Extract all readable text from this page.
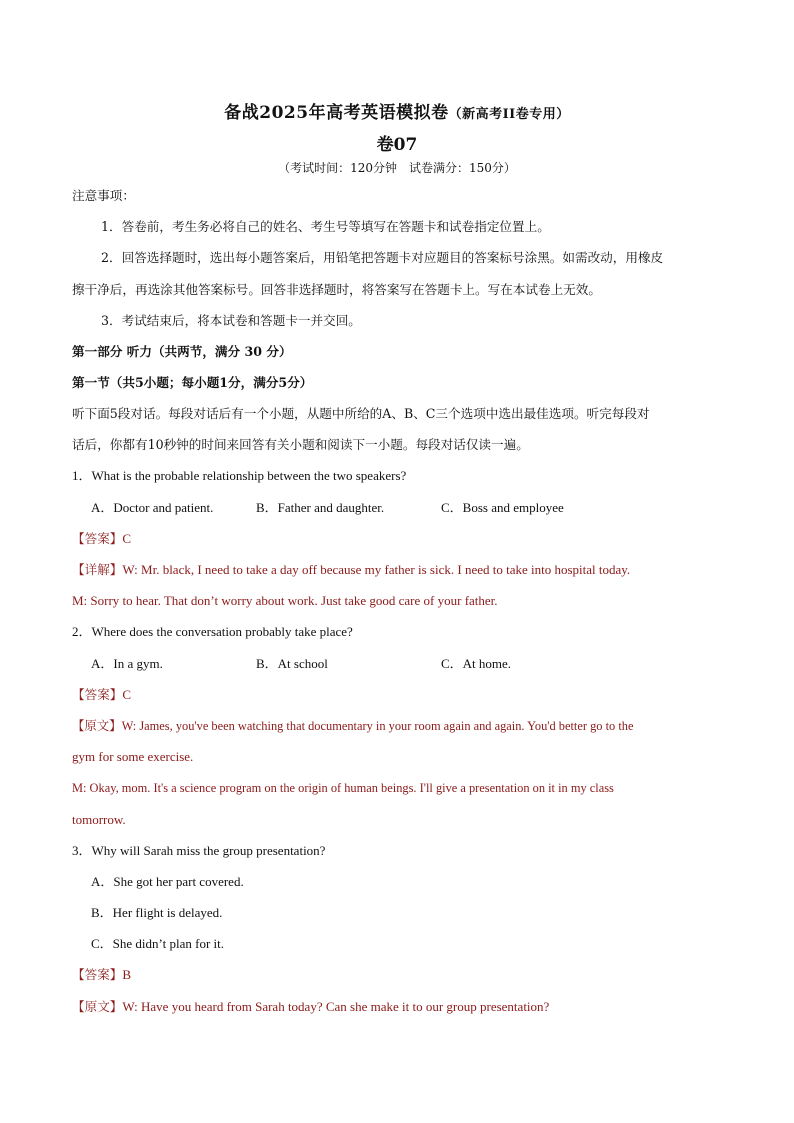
备战2025年高考英语模拟卷（新高考II卷专用）
卷07
（考试时间：120分钟　试卷满分：150分）
注意事项：
1．答卷前，考生务必将自己的姓名、考生号等填写在答题卡和试卷指定位置上。
2．回答选择题时，选出每小题答案后，用铅笔把答题卡对应题目的答案标号涂黑。如需改动，用橡皮
擦干净后，再选涂其他答案标号。回答非选择题时，将答案写在答题卡上。写在本试卷上无效。
3．考试结束后，将本试卷和答题卡一并交回。
第一部分 听力（共两节，满分 30 分）
第一节（共5小题；每小题1分，满分5分）
听下面5段对话。每段对话后有一个小题，从题中所给的A、B、C三个选项中选出最佳选项。听完每段对
话后，你都有10秒钟的时间来回答有关小题和阅读下一小题。每段对话仅读一遍。
1．What is the probable relationship between the two speakers?
A．Doctor and patient.	B．Father and daughter.	C．Boss and employee
【答案】C
【详解】W: Mr. black, I need to take a day off because my father is sick. I need to take into hospital today.
M: Sorry to hear. That don’t worry about work. Just take good care of your father.
2．Where does the conversation probably take place?
A．In a gym.	B．At school	C．At home.
【答案】C
【原文】W: James, you've been watching that documentary in your room again and again. You'd better go to the
gym for some exercise.
M: Okay, mom. It's a science program on the origin of human beings. I'll give a presentation on it in my class
tomorrow.
3．Why will Sarah miss the group presentation?
A．She got her part covered.
B．Her flight is delayed.
C．She didn’t plan for it.
【答案】B
【原文】W: Have you heard from Sarah today? Can she make it to our group presentation?
